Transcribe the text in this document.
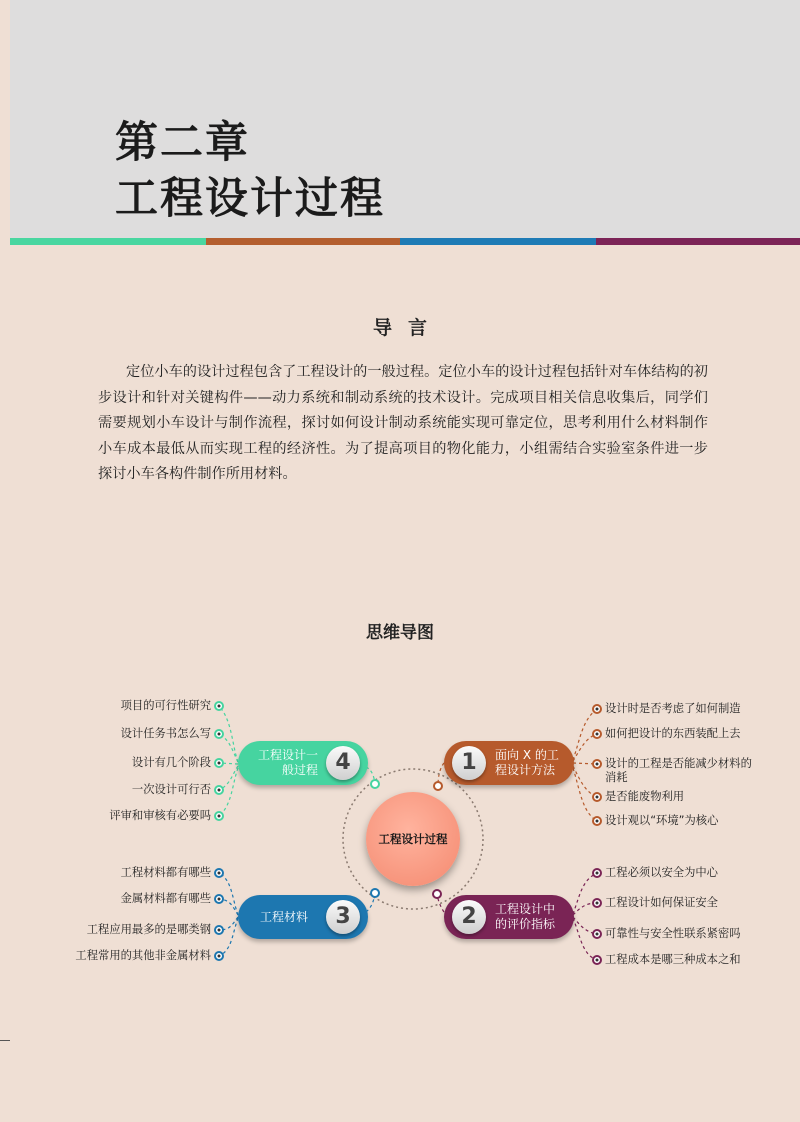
第二章
工程设计过程
导言

定位小车的设计过程包含了工程设计的一般过程。定位小车的设计过程包括针对车体结构的初步设计和针对关键构件——动力系统和制动系统的技术设计。完成项目相关信息收集后，同学们需要规划小车设计与制作流程，探讨如何设计制动系统能实现可靠定位，思考利用什么材料制作小车成本最低从而实现工程的经济性。为了提高项目的物化能力，小组需结合实验室条件进一步探讨小车各构件制作所用材料。

思维导图
工程设计过程
工程设计一般过程 4	1	面向 X 的工程设计方法
工程材料	3	2	工程设计中的评价指标
项目的可行性研究
设计任务书怎么写
设计有几个阶段
一次设计可行否
评审和审核有必要吗
设计时是否考虑了如何制造
如何把设计的东西装配上去
设计的工程是否能减少材料的消耗
是否能废物利用
设计观以“环境”为核心
工程材料都有哪些
金属材料都有哪些
工程应用最多的是哪类钢
工程常用的其他非金属材料
工程必须以安全为中心
工程设计如何保证安全
可靠性与安全性联系紧密吗
工程成本是哪三种成本之和
